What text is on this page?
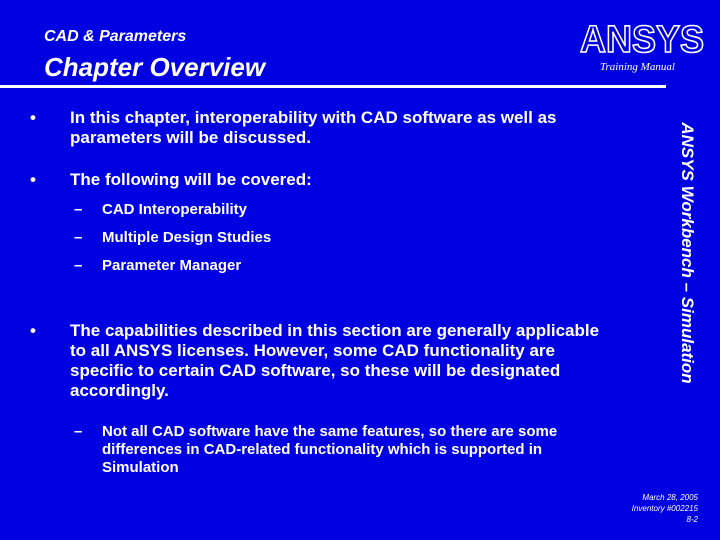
CAD & Parameters
Chapter Overview
ANSYS
Training Manual
ANSYS Workbench – Simulation
• In this chapter, interoperability with CAD software as well as parameters will be discussed.
• The following will be covered:
– CAD Interoperability
– Multiple Design Studies
– Parameter Manager
• The capabilities described in this section are generally applicable to all ANSYS licenses. However, some CAD functionality are specific to certain CAD software, so these will be designated accordingly.
– Not all CAD software have the same features, so there are some differences in CAD-related functionality which is supported in Simulation
March 28, 2005
Inventory #002215
8-2
